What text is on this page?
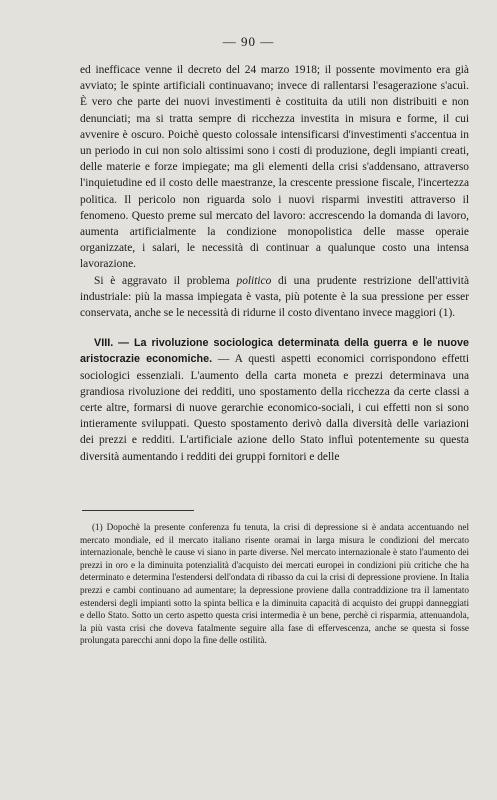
— 90 —

ed inefficace venne il decreto del 24 marzo 1918; il possente movimento era già avviato; le spinte artificiali continuavano; invece di rallentarsi l'esagerazione s'acuì. È vero che parte dei nuovi investimenti è costituita da utili non distribuiti e non denunciati; ma si tratta sempre di ricchezza investita in misura e forme, il cui avvenire è oscuro. Poichè questo colossale intensificarsi d'investimenti s'accentua in un periodo in cui non solo altissimi sono i costi di produzione, degli impianti creati, delle materie e forze impiegate; ma gli elementi della crisi s'addensano, attraverso l'inquietudine ed il costo delle maestranze, la crescente pressione fiscale, l'incertezza politica. Il pericolo non riguarda solo i nuovi risparmi investiti attraverso il fenomeno. Questo preme sul mercato del lavoro: accrescendo la domanda di lavoro, aumenta artificialmente la condizione monopolistica delle masse operaie organizzate, i salari, le necessità di continuar a qualunque costo una intensa lavorazione.

Si è aggravato il problema politico di una prudente restrizione dell'attività industriale: più la massa impiegata è vasta, più potente è la sua pressione per esser conservata, anche se le necessità di ridurne il costo diventano invece maggiori (1).

VIII. — La rivoluzione sociologica determinata della guerra e le nuove aristocrazie economiche. — A questi aspetti economici corrispondono effetti sociologici essenziali. L'aumento della carta moneta e prezzi determinava una grandiosa rivoluzione dei redditi, uno spostamento della ricchezza da certe classi a certe altre, formarsi di nuove gerarchie economico-sociali, i cui effetti non si sono intieramente sviluppati. Questo spostamento derivò dalla diversità delle variazioni dei prezzi e redditi. L'artificiale azione dello Stato influì potentemente su questa diversità aumentando i redditi dei gruppi fornitori e delle

(1) Dopochè la presente conferenza fu tenuta, la crisi di depressione si è andata accentuando nel mercato mondiale, ed il mercato italiano risente oramai in larga misura le condizioni del mercato internazionale, benchè le cause vi siano in parte diverse. Nel mercato internazionale è stato l'aumento dei prezzi in oro e la diminuita potenzialità d'acquisto dei mercati europei in condizioni più critiche che ha determinato e determina l'estendersi dell'ondata di ribasso da cui la crisi di depressione proviene. In Italia prezzi e cambi continuano ad aumentare; la depressione proviene dalla contraddizione tra il lamentato estendersi degli impianti sotto la spinta bellica e la diminuita capacità di acquisto dei gruppi danneggiati e dello Stato. Sotto un certo aspetto questa crisi intermedia è un bene, perchè ci risparmia, attenuandola, la più vasta crisi che doveva fatalmente seguire alla fase di effervescenza, anche se questa si fosse prolungata parecchi anni dopo la fine delle ostilità.
